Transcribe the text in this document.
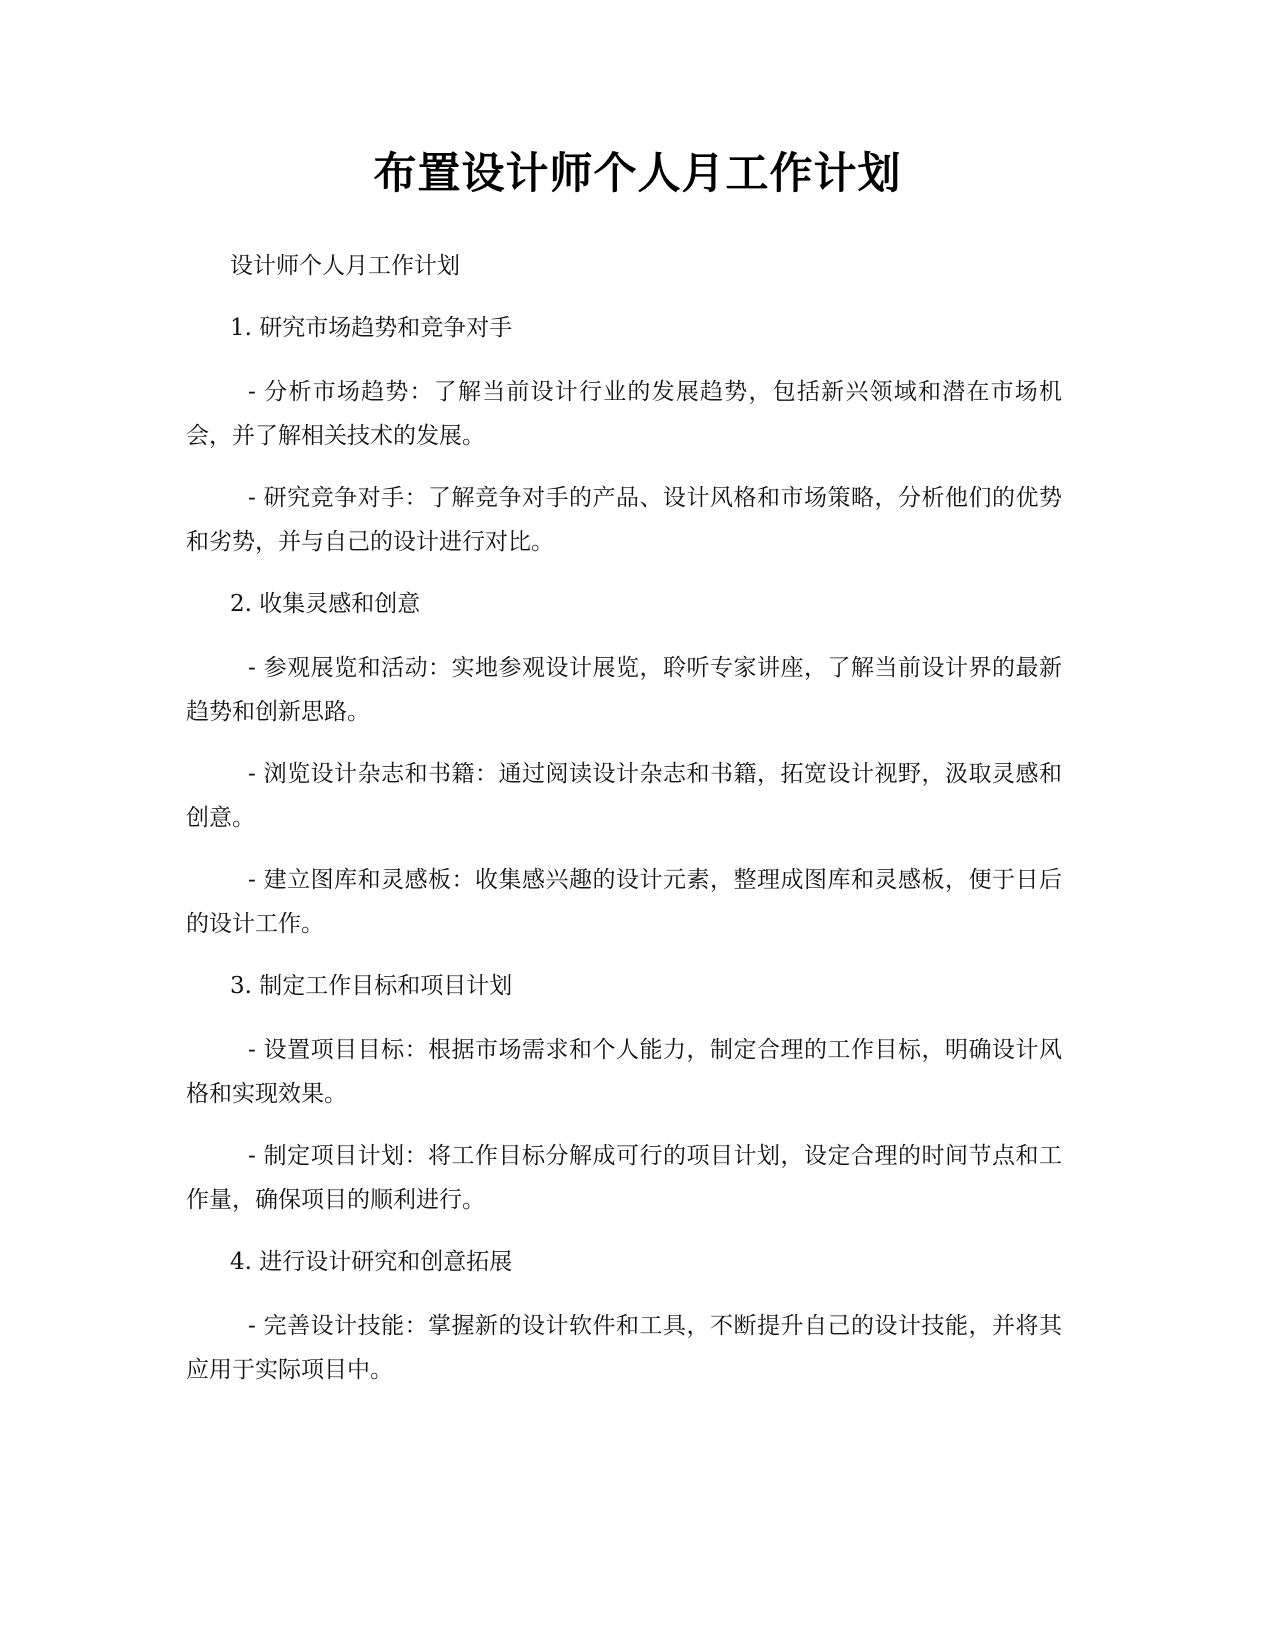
布置设计师个人月工作计划

设计师个人月工作计划

1. 研究市场趋势和竞争对手

- 分析市场趋势：了解当前设计行业的发展趋势，包括新兴领域和潜在市场机会，并了解相关技术的发展。

- 研究竞争对手：了解竞争对手的产品、设计风格和市场策略，分析他们的优势和劣势，并与自己的设计进行对比。

2. 收集灵感和创意

- 参观展览和活动：实地参观设计展览，聆听专家讲座，了解当前设计界的最新趋势和创新思路。

- 浏览设计杂志和书籍：通过阅读设计杂志和书籍，拓宽设计视野，汲取灵感和创意。

- 建立图库和灵感板：收集感兴趣的设计元素，整理成图库和灵感板，便于日后的设计工作。

3. 制定工作目标和项目计划

- 设置项目目标：根据市场需求和个人能力，制定合理的工作目标，明确设计风格和实现效果。

- 制定项目计划：将工作目标分解成可行的项目计划，设定合理的时间节点和工作量，确保项目的顺利进行。

4. 进行设计研究和创意拓展

- 完善设计技能：掌握新的设计软件和工具，不断提升自己的设计技能，并将其应用于实际项目中。
